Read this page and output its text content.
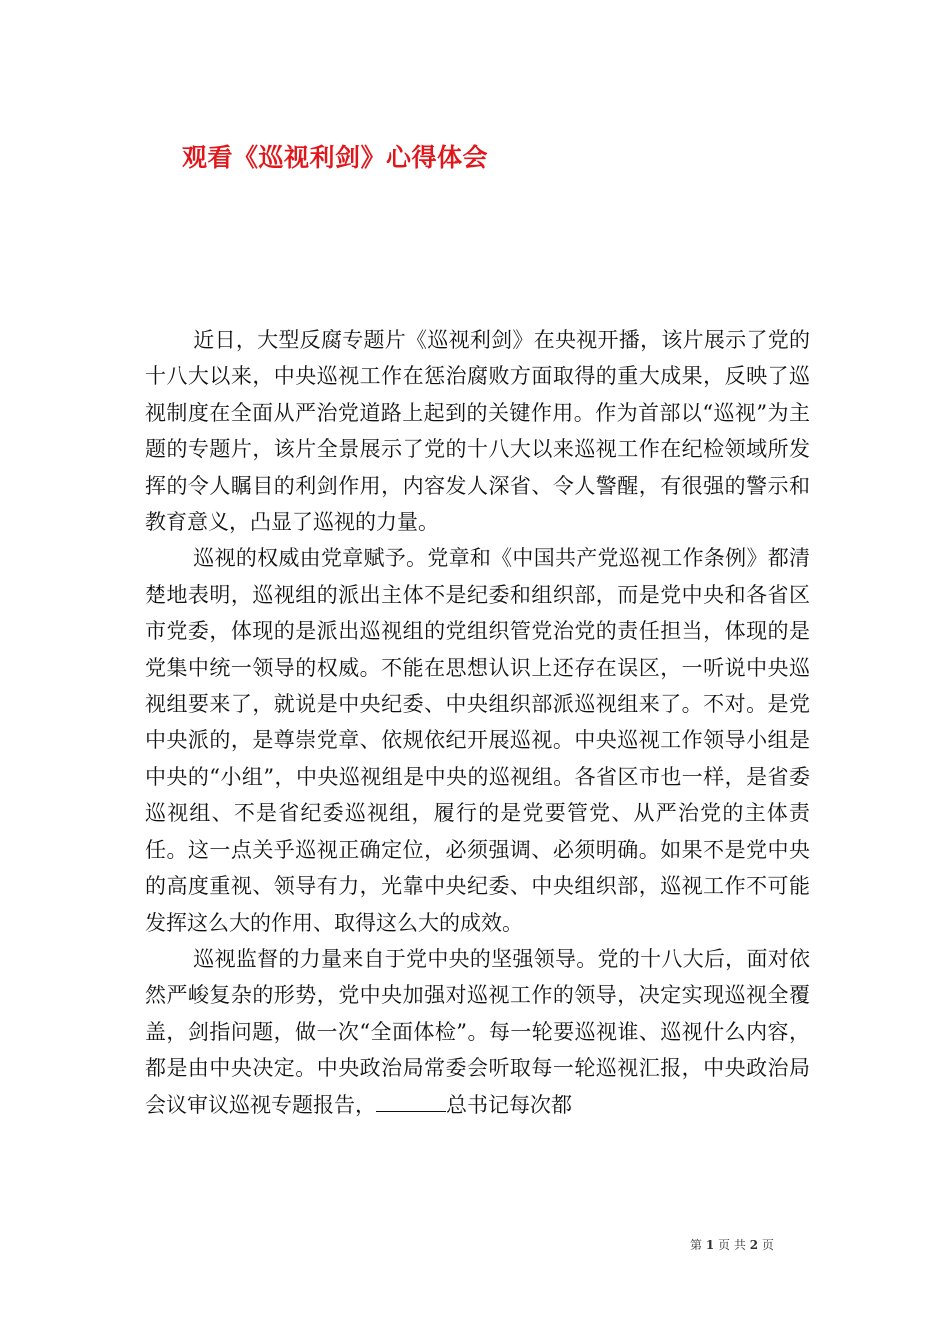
观看《巡视利剑》心得体会

近日，大型反腐专题片《巡视利剑》在央视开播，该片展示了党的十八大以来，中央巡视工作在惩治腐败方面取得的重大成果，反映了巡视制度在全面从严治党道路上起到的关键作用。作为首部以“巡视”为主题的专题片，该片全景展示了党的十八大以来巡视工作在纪检领域所发挥的令人瞩目的利剑作用，内容发人深省、令人警醒，有很强的警示和教育意义，凸显了巡视的力量。

巡视的权威由党章赋予。党章和《中国共产党巡视工作条例》都清楚地表明，巡视组的派出主体不是纪委和组织部，而是党中央和各省区市党委，体现的是派出巡视组的党组织管党治党的责任担当，体现的是党集中统一领导的权威。不能在思想认识上还存在误区，一听说中央巡视组要来了，就说是中央纪委、中央组织部派巡视组来了。不对。是党中央派的，是尊崇党章、依规依纪开展巡视。中央巡视工作领导小组是中央的“小组”，中央巡视组是中央的巡视组。各省区市也一样，是省委巡视组、不是省纪委巡视组，履行的是党要管党、从严治党的主体责任。这一点关乎巡视正确定位，必须强调、必须明确。如果不是党中央的高度重视、领导有力，光靠中央纪委、中央组织部，巡视工作不可能发挥这么大的作用、取得这么大的成效。

巡视监督的力量来自于党中央的坚强领导。党的十八大后，面对依然严峻复杂的形势，党中央加强对巡视工作的领导，决定实现巡视全覆盖，剑指问题，做一次“全面体检”。每一轮要巡视谁、巡视什么内容，都是由中央决定。中央政治局常委会听取每一轮巡视汇报，中央政治局会议审议巡视专题报告，	总书记每次都

第 1 页 共 2 页
